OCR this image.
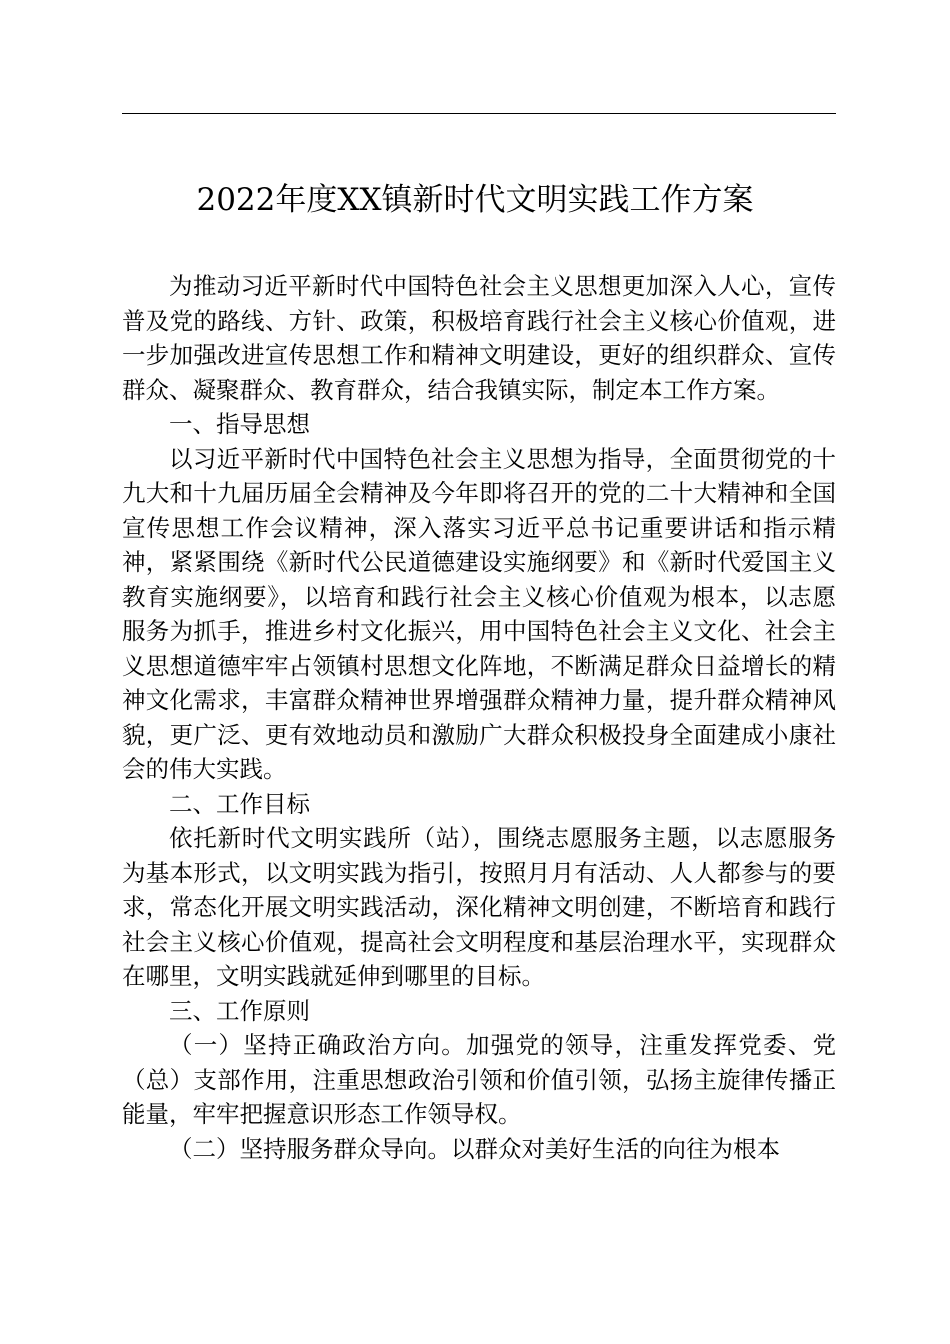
2022年度XX镇新时代文明实践工作方案

为推动习近平新时代中国特色社会主义思想更加深入人心，宣传普及党的路线、方针、政策，积极培育践行社会主义核心价值观，进一步加强改进宣传思想工作和精神文明建设，更好的组织群众、宣传群众、凝聚群众、教育群众，结合我镇实际，制定本工作方案。

一、指导思想

以习近平新时代中国特色社会主义思想为指导，全面贯彻党的十九大和十九届历届全会精神及今年即将召开的党的二十大精神和全国宣传思想工作会议精神，深入落实习近平总书记重要讲话和指示精神，紧紧围绕《新时代公民道德建设实施纲要》和《新时代爱国主义教育实施纲要》，以培育和践行社会主义核心价值观为根本，以志愿服务为抓手，推进乡村文化振兴，用中国特色社会主义文化、社会主义思想道德牢牢占领镇村思想文化阵地，不断满足群众日益增长的精神文化需求，丰富群众精神世界增强群众精神力量，提升群众精神风貌，更广泛、更有效地动员和激励广大群众积极投身全面建成小康社会的伟大实践。

二、工作目标

依托新时代文明实践所（站），围绕志愿服务主题，以志愿服务为基本形式，以文明实践为指引，按照月月有活动、人人都参与的要求，常态化开展文明实践活动，深化精神文明创建，不断培育和践行社会主义核心价值观，提高社会文明程度和基层治理水平，实现群众在哪里，文明实践就延伸到哪里的目标。

三、工作原则

（一）坚持正确政治方向。加强党的领导，注重发挥党委、党（总）支部作用，注重思想政治引领和价值引领，弘扬主旋律传播正能量，牢牢把握意识形态工作领导权。

（二）坚持服务群众导向。以群众对美好生活的向往为根本
